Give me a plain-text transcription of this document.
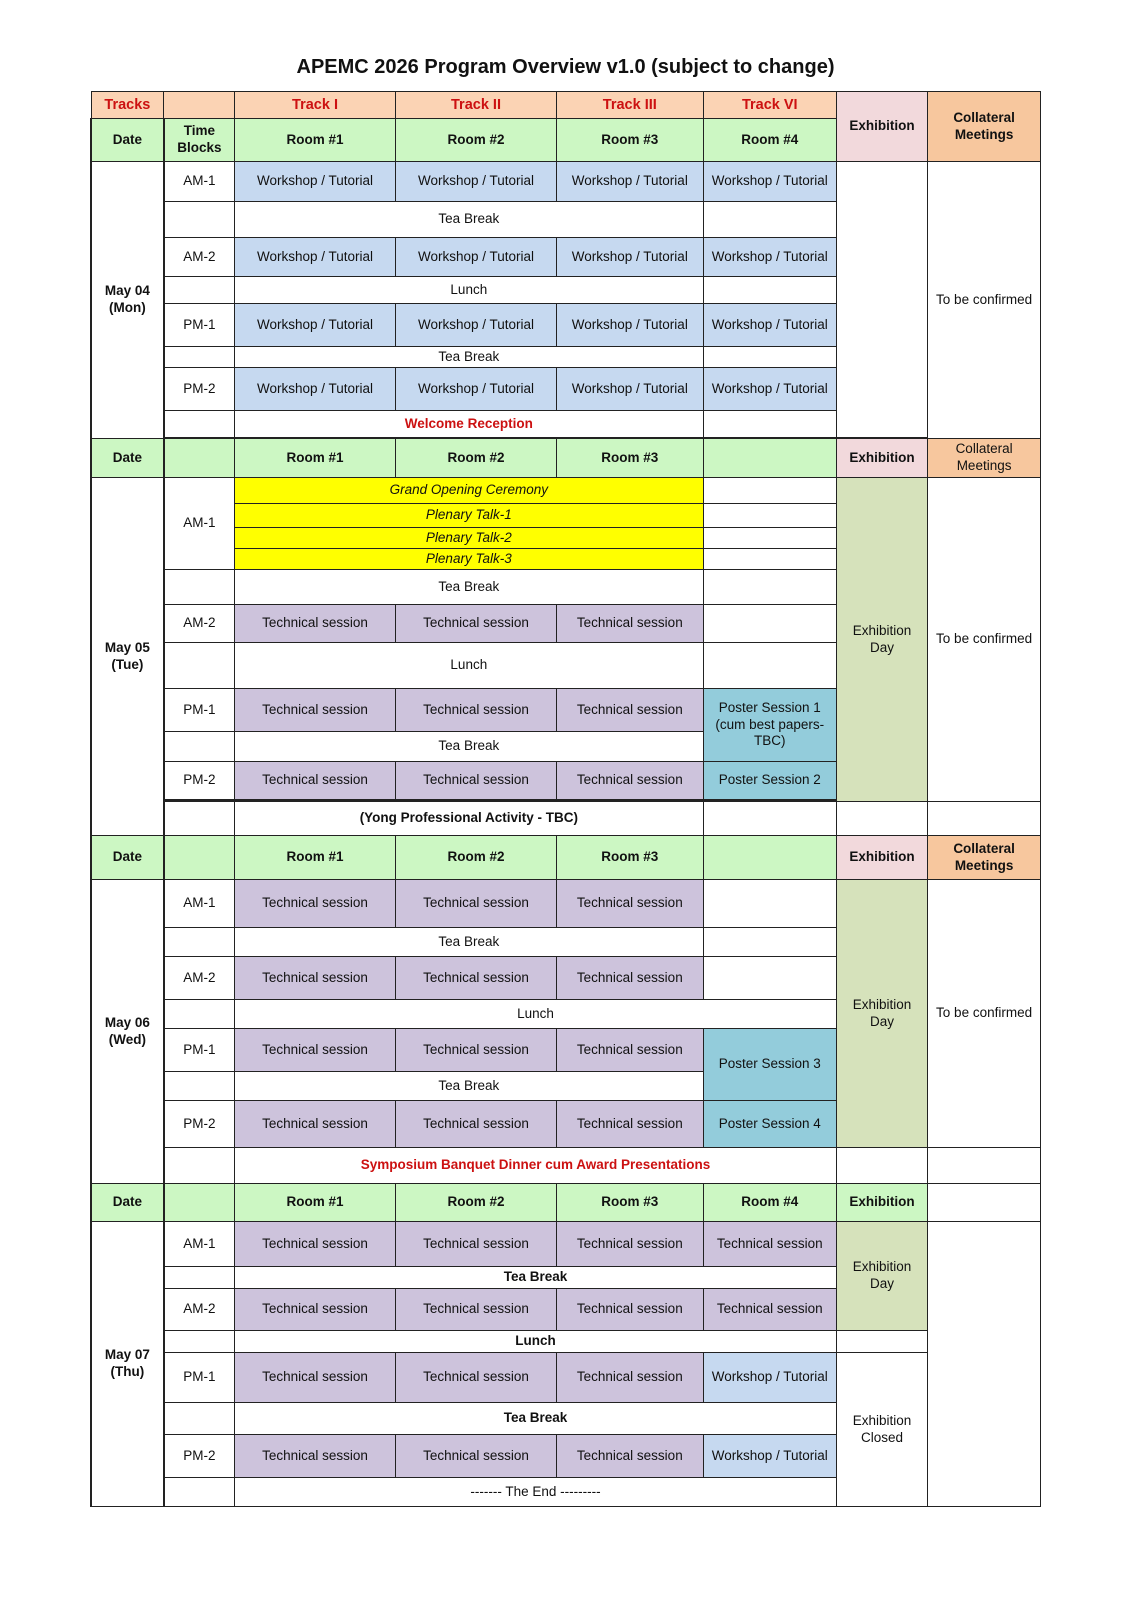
APEMC 2026 Program Overview v1.0 (subject to change)
Tracks		Track I	Track II	Track III	Track VI	Exhibition	Collateral Meetings
Date	Time Blocks	Room #1	Room #2	Room #3	Room #4		
May 04 (Mon)	AM-1	Workshop / Tutorial	Workshop / Tutorial	Workshop / Tutorial	Workshop / Tutorial		To be confirmed
		Tea Break					
	AM-2	Workshop / Tutorial	Workshop / Tutorial	Workshop / Tutorial	Workshop / Tutorial		
		Lunch					
	PM-1	Workshop / Tutorial	Workshop / Tutorial	Workshop / Tutorial	Workshop / Tutorial		
		Tea Break					
	PM-2	Workshop / Tutorial	Workshop / Tutorial	Workshop / Tutorial	Workshop / Tutorial		
		Welcome Reception					

Date		Room #1	Room #2	Room #3		Exhibition	Collateral Meetings
May 05 (Tue)	AM-1	Grand Opening Ceremony				Exhibition Day	To be confirmed
		Plenary Talk-1					
		Plenary Talk-2					
		Plenary Talk-3					
		Tea Break					
	AM-2	Technical session	Technical session	Technical session			
		Lunch					
	PM-1	Technical session	Technical session	Technical session	Poster Session 1 (cum best papers- TBC)		
		Tea Break					
	PM-2	Technical session	Technical session	Technical session	Poster Session 2		

		(Yong Professional Activity - TBC)					
Date		Room #1	Room #2	Room #3		Exhibition	Collateral Meetings
May 06 (Wed)	AM-1	Technical session	Technical session	Technical session		Exhibition Day	To be confirmed
		Tea Break					
	AM-2	Technical session	Technical session	Technical session			
		Lunch					
	PM-1	Technical session	Technical session	Technical session	Poster Session 3		
		Tea Break					
	PM-2	Technical session	Technical session	Technical session	Poster Session 4		
		Symposium Banquet Dinner cum Award Presentations					
Date		Room #1	Room #2	Room #3	Room #4	Exhibition	
May 07 (Thu)	AM-1	Technical session	Technical session	Technical session	Technical session	Exhibition Day	
		Tea Break					
	AM-2	Technical session	Technical session	Technical session	Technical session		
		Lunch					
	PM-1	Technical session	Technical session	Technical session	Workshop / Tutorial	Exhibition Closed	
		Tea Break					
	PM-2	Technical session	Technical session	Technical session	Workshop / Tutorial		
		------- The End ---------					
